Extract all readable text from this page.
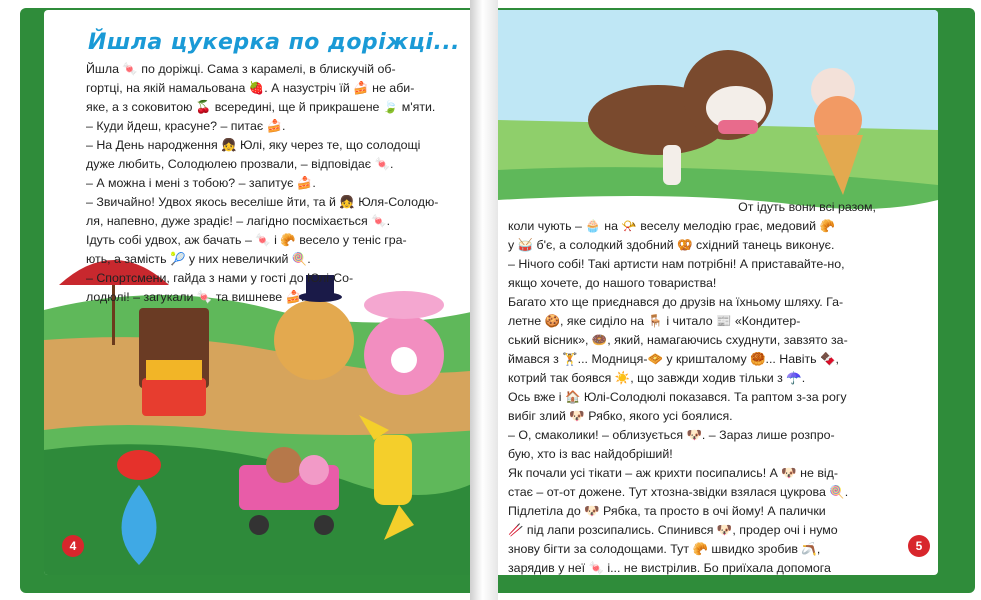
Йшла цукерка по доріжці...
Йшла 🍬 по доріжці. Сама з карамелі, в блискучій об-
гортці, на якій намальована 🍓. А назустріч їй 🍰 не аби-
яке, а з соковитою 🍒 всередині, ще й прикрашене 🍃 м'яти.
– Куди йдеш, красуне? – питає 🍰.
– На День народження 👧 Юлі, яку через те, що солодощі
дуже любить, Солодюлею прозвали, – відповідає 🍬.
– А можна і мені з тобою? – запитує 🍰.
– Звичайно! Удвох якось веселіше йти, та й 👧 Юля-Солодю-
ля, напевно, дуже зрадіє! – лагідно посміхається 🍬.
Ідуть собі удвох, аж бачать – 🍬 і 🥐 весело у теніс гра-
ють, а замість 🎾 у них невеличкий 🍭.
– Спортсмени, гайда з нами у гості до Юлі-Со-
лодюлі! – загукали 🍬 та вишневе 🍰.
От ідуть вони всі разом,
коли чують – 🧁 на 📯 веселу мелодію грає, медовий 🥐
у 🥁 б'є, а солодкий здобний 🥨 східний танець виконує.
– Нічого собі! Такі артисти нам потрібні! А приставайте-но,
якщо хочете, до нашого товариства!
Багато хто ще приєднався до друзів на їхньому шляху. Га-
летне 🍪, яке сиділо на 🪑 і читало 📰 «Кондитер-
ський вісник», 🍩, який, намагаючись схуднути, завзято за-
ймався з 🏋️... Модниця-🧇 у кришталому 🥮... Навіть 🍫,
котрий так боявся ☀️, що завжди ходив тільки з ☂️.
Ось вже і 🏠 Юлі-Солодюлі показався. Та раптом з-за рогу
вибіг злий 🐶 Рябко, якого усі боялися.
– О, смаколики! – облизується 🐶. – Зараз лише розпро-
бую, хто із вас найдобріший!
Як почали усі тікати – аж крихти посипались! А 🐶 не від-
стає – от-от дожене. Тут хтозна-звідки взялася цукрова 🍭.
Підлетіла до 🐶 Рябка, та просто в очі йому! А палички
🥢 під лапи розсипались. Спинився 🐶, продер очі і нумо
знову бігти за солодощами. Тут 🥐 швидко зробив 🪃,
зарядив у неї 🍬 і... не вистрілив. Бо приїхала допомога
4	5
